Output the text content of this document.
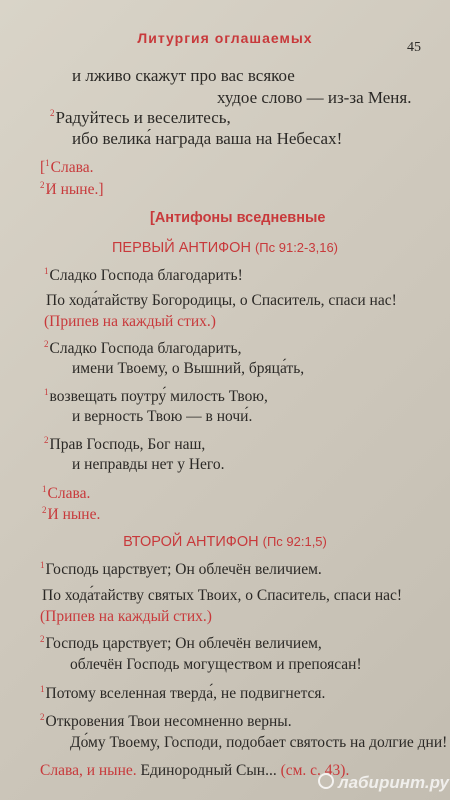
Литургия оглашаемых
45
и лживо скажут про вас всякое
худое слово — из-за Меня.
$^2$Радуйтесь и веселитесь,
ибо велика́ награда ваша на Небесах!
[$^1$Слава.
$^2$И ныне.]
[Антифоны вседневные
ПЕРВЫЙ АНТИФОН (Пс 91:2-3,16)
$^1$Сладко Господа благодарить!
По хода́тайству Богородицы, о Спаситель, спаси нас!
(Припев на каждый стих.)
$^2$Сладко Господа благодарить,
имени Твоему, о Вышний, бряца́ть,
$^1$возвещать поутру́ милость Твою,
и верность Твою — в ночи́.
$^2$Прав Господь, Бог наш,
и неправды нет у Него.
$^1$Слава.
$^2$И ныне.
ВТОРОЙ АНТИФОН (Пс 92:1,5)
$^1$Господь царствует; Он облечён величием.
По хода́тайству святых Твоих, о Спаситель, спаси нас!
(Припев на каждый стих.)
$^2$Господь царствует; Он облечён величием,
облечён Господь могуществом и препоясан!
$^1$Потому вселенная тверда́, не подвигнется.
$^2$Откровения Твои несомненно верны.
До́му Твоему, Господи, подобает святость на долгие дни!
Слава, и ныне. Единородный Сын... (см. с. 43).
лабиринт.ру
